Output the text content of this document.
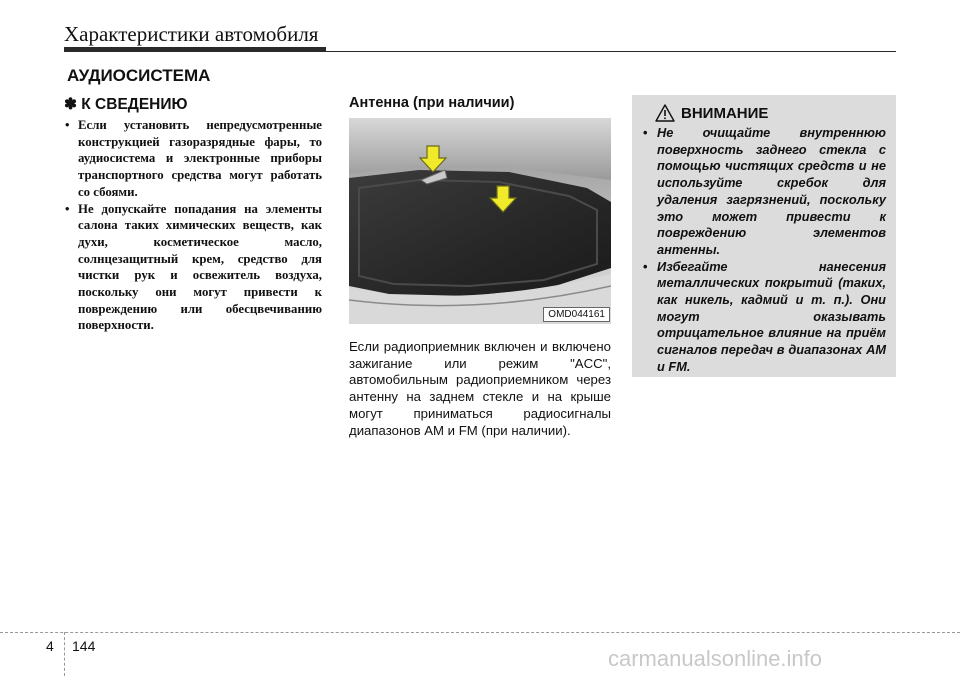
Характеристики автомобиля
АУДИОСИСТЕМА
✽ К СВЕДЕНИЮ
• Если установить непредусмотренные конструкцией газоразрядные фары, то аудиосистема и электронные приборы транспортного средства могут работать со сбоями.
• Не допускайте попадания на элементы салона таких химических веществ, как духи, косметическое масло, солнцезащитный крем, средство для чистки рук и освежитель воздуха, поскольку они могут привести к повреждению или обесцвечиванию поверхности.
Антенна (при наличии)
OMD044161

Если радиоприемник включен и включено зажигание или режим "ACC", автомобильным радиоприемником через антенну на заднем стекле и на крыше могут приниматься радиосигналы диапазонов AM и FM (при наличии).

ВНИМАНИЕ
• Не очищайте внутреннюю поверхность заднего стекла с помощью чистящих средств и не используйте скребок для удаления загрязнений, поскольку это может привести к повреждению элементов антенны.
• Избегайте нанесения металлических покрытий (таких, как никель, кадмий и т. п.). Они могут оказывать отрицательное влияние на приём сигналов передач в диапазонах AM и FM.
4 144	carmanualsonline.info
